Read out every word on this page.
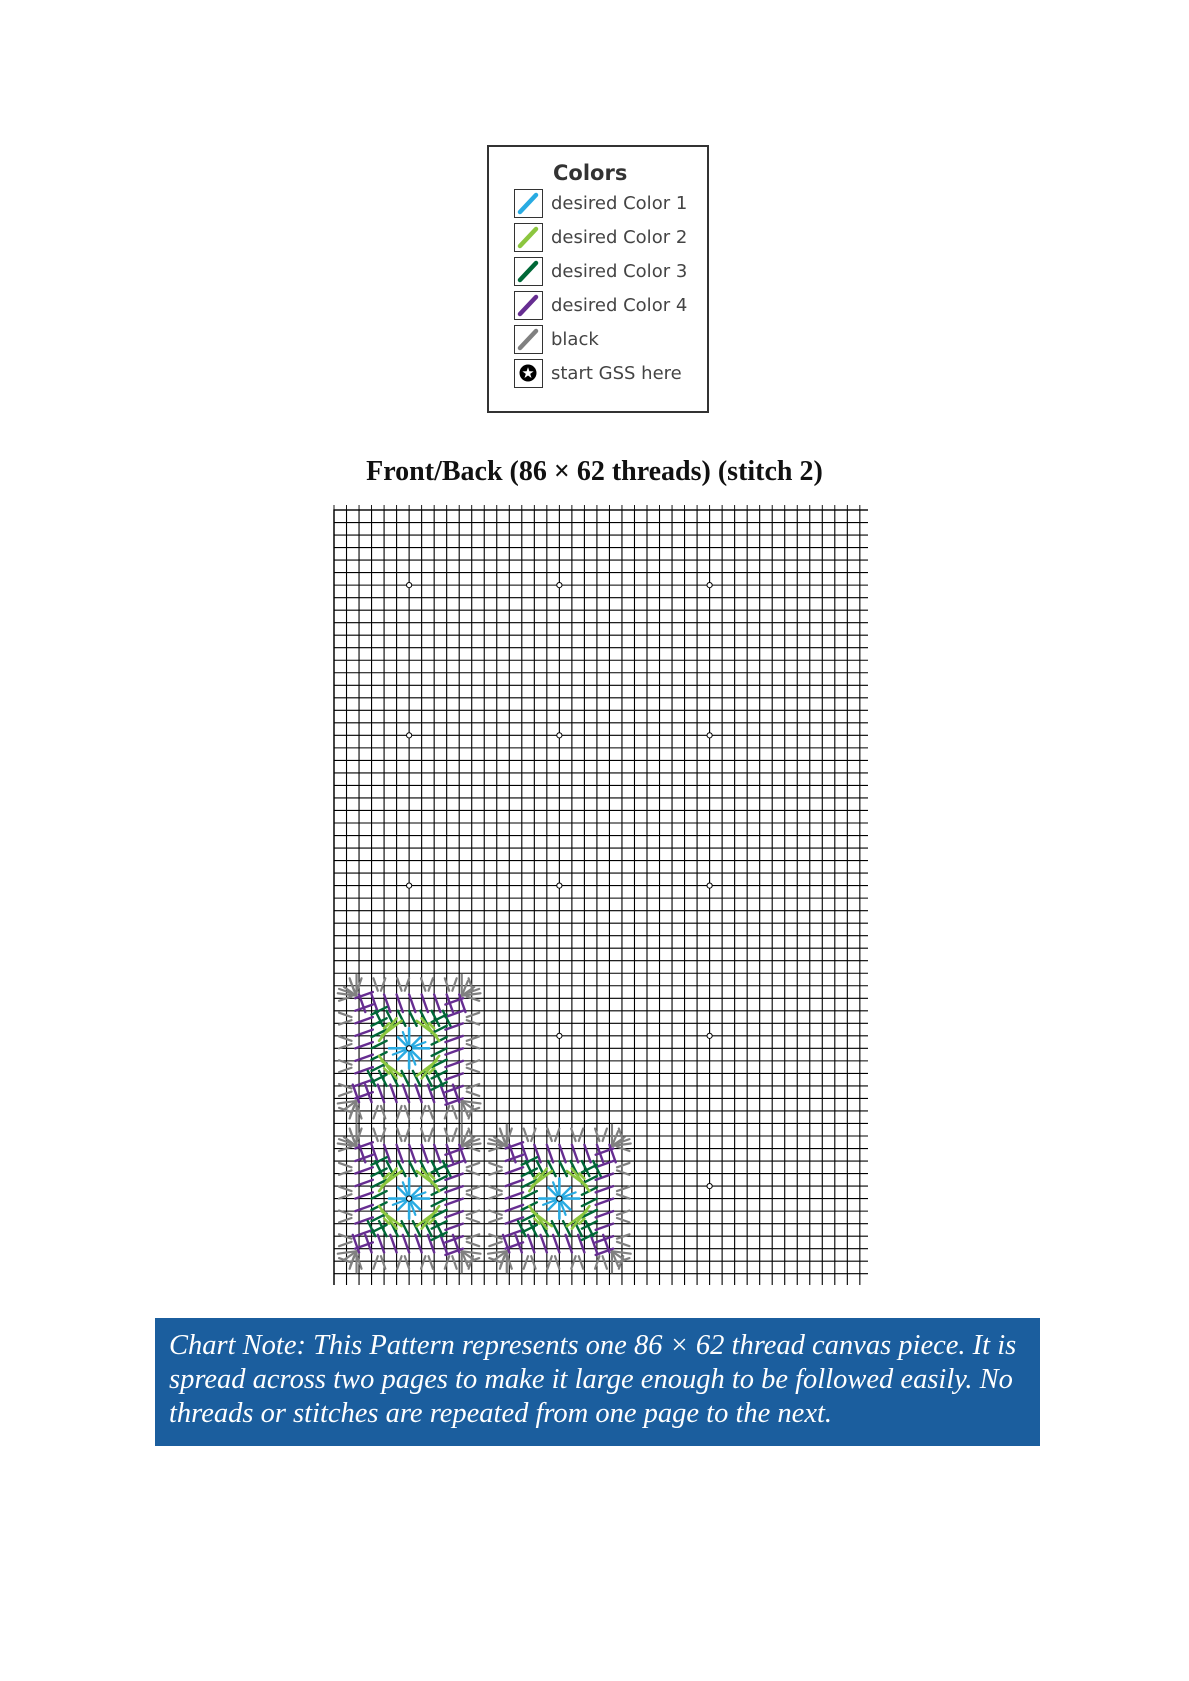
Colors
desired Color 1
desired Color 2
desired Color 3
desired Color 4
black
start GSS here
Front/Back (86 × 62 threads) (stitch 2)
Chart Note: This Pattern represents one 86 × 62 thread canvas piece. It is spread across two pages to make it large enough to be followed easily. No threads or stitches are repeated from one page to the next.
